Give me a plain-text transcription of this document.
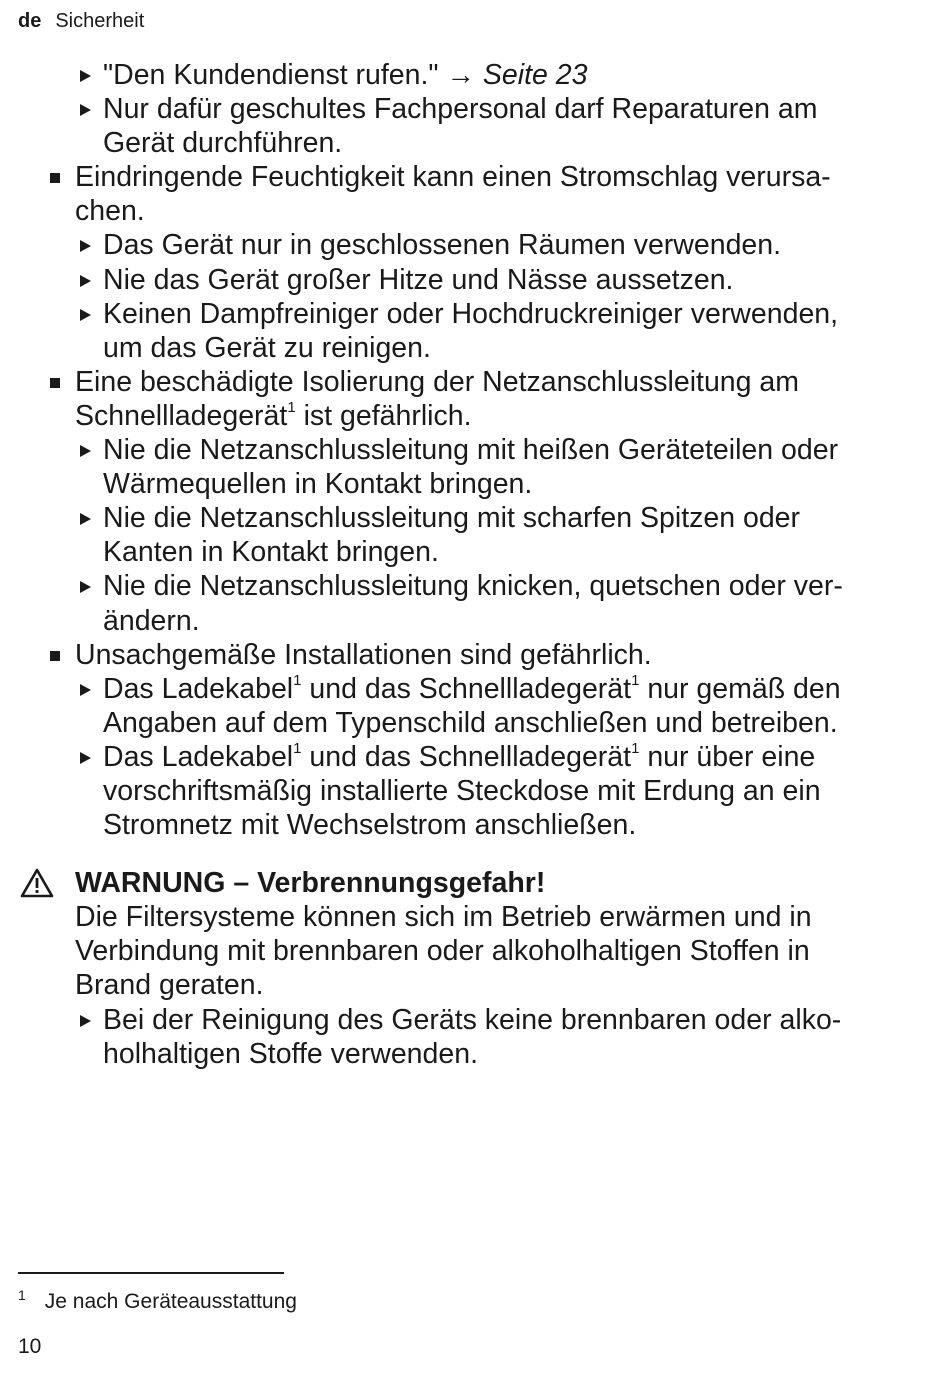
de Sicherheit
"Den Kundendienst rufen." → Seite 23
Nur dafür geschultes Fachpersonal darf Reparaturen am
Gerät durchführen.
Eindringende Feuchtigkeit kann einen Stromschlag verursa-
chen.
Das Gerät nur in geschlossenen Räumen verwenden.
Nie das Gerät großer Hitze und Nässe aussetzen.
Keinen Dampfreiniger oder Hochdruckreiniger verwenden,
um das Gerät zu reinigen.
Eine beschädigte Isolierung der Netzanschlussleitung am
Schnellladegerät$^1$ ist gefährlich.
Nie die Netzanschlussleitung mit heißen Geräteteilen oder
Wärmequellen in Kontakt bringen.
Nie die Netzanschlussleitung mit scharfen Spitzen oder
Kanten in Kontakt bringen.
Nie die Netzanschlussleitung knicken, quetschen oder ver-
ändern.
Unsachgemäße Installationen sind gefährlich.
Das Ladekabel$^1$ und das Schnellladegerät$^1$ nur gemäß den
Angaben auf dem Typenschild anschließen und betreiben.
Das Ladekabel$^1$ und das Schnellladegerät$^1$ nur über eine
vorschriftsmäßig installierte Steckdose mit Erdung an ein
Stromnetz mit Wechselstrom anschließen.
WARNUNG – Verbrennungsgefahr!
Die Filtersysteme können sich im Betrieb erwärmen und in
Verbindung mit brennbaren oder alkoholhaltigen Stoffen in
Brand geraten.
Bei der Reinigung des Geräts keine brennbaren oder alko-
holhaltigen Stoffe verwenden.
$^1$ Je nach Geräteausstattung
10
